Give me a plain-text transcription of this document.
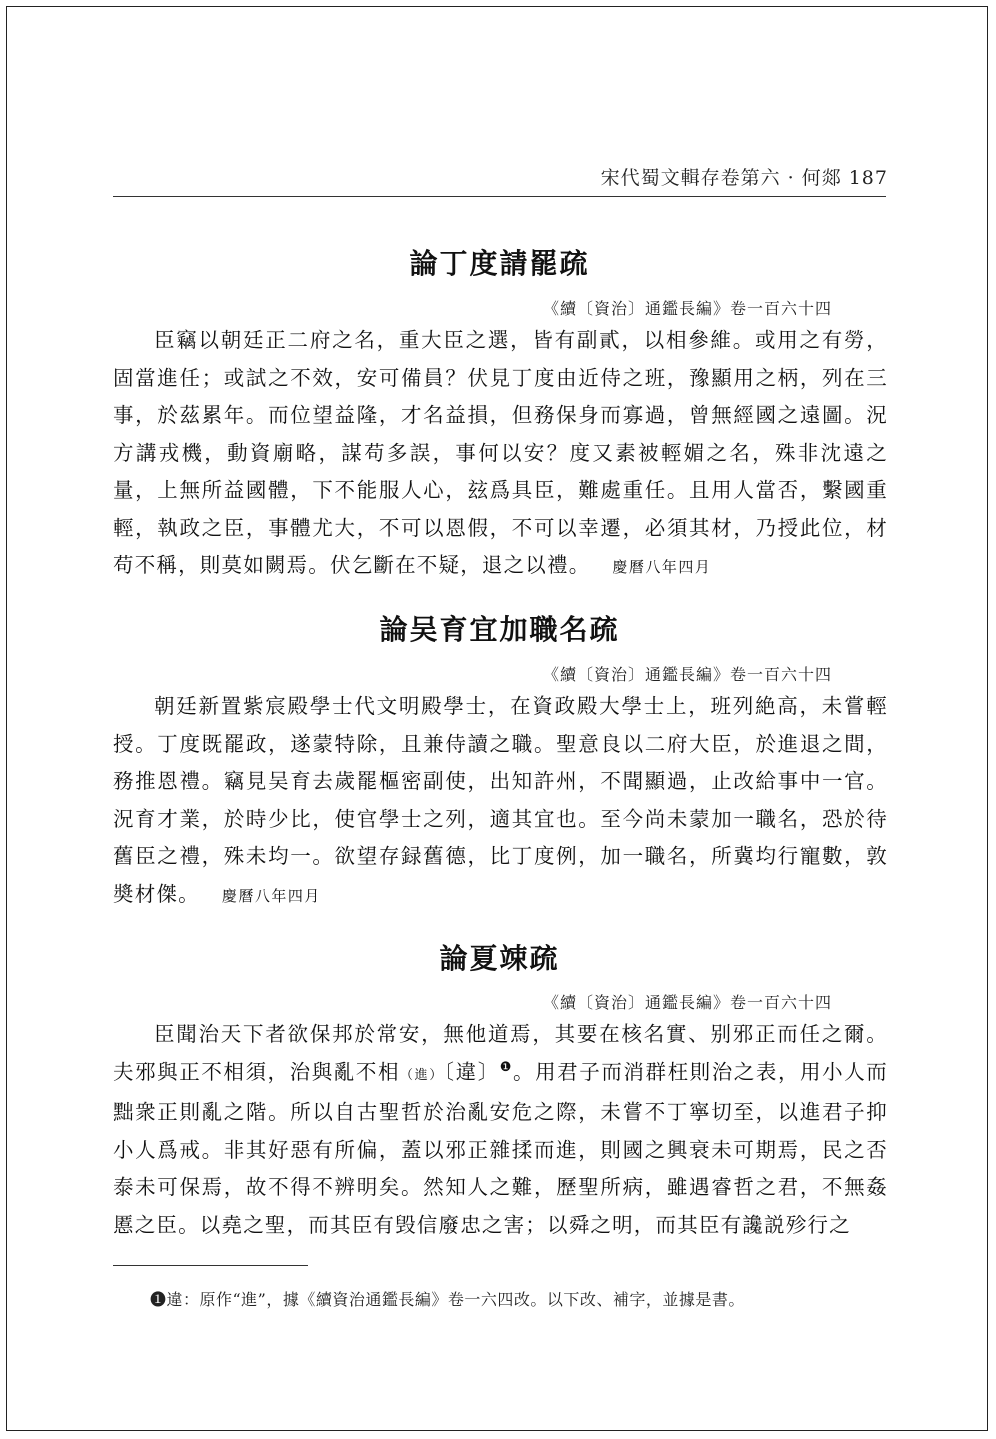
宋代蜀文輯存卷第六 · 何郯 187
論丁度請罷疏
《續〔資治〕通鑑長編》卷一百六十四

臣竊以朝廷正二府之名，重大臣之選，皆有副貳，以相參維。或用之有勞，固當進任；或試之不效，安可備員？伏見丁度由近侍之班，豫顯用之柄，列在三事，於茲累年。而位望益隆，才名益損，但務保身而寡過，曾無經國之遠圖。況方講戎機，動資廟略，謀苟多誤，事何以安？度又素被輕媚之名，殊非沈遠之量，上無所益國體，下不能服人心，玆爲具臣，難處重任。且用人當否，繫國重輕，執政之臣，事體尤大，不可以恩假，不可以幸遷，必須其材，乃授此位，材苟不稱，則莫如闕焉。伏乞斷在不疑，退之以禮。 慶曆八年四月

論吴育宜加職名疏
《續〔資治〕通鑑長編》卷一百六十四

朝廷新置紫宸殿學士代文明殿學士，在資政殿大學士上，班列絶高，未嘗輕授。丁度既罷政，遂蒙特除，且兼侍讀之職。聖意良以二府大臣，於進退之間，務推恩禮。竊見吴育去歲罷樞密副使，出知許州，不聞顯過，止改給事中一官。況育才業，於時少比，使官學士之列，適其宜也。至今尚未蒙加一職名，恐於待舊臣之禮，殊未均一。欲望存録舊德，比丁度例，加一職名，所冀均行寵數，敦奬材傑。 慶曆八年四月

論夏竦疏
《續〔資治〕通鑑長編》卷一百六十四

臣聞治天下者欲保邦於常安，無他道焉，其要在核名實、别邪正而任之爾。夫邪與正不相須，治與亂不相（進）〔違〕$^❶$。用君子而消群枉則治之表，用小人而黜衆正則亂之階。所以自古聖哲於治亂安危之際，未嘗不丁寧切至，以進君子抑小人爲戒。非其好惡有所偏，蓋以邪正雜揉而進，則國之興衰未可期焉，民之否泰未可保焉，故不得不辨明矣。然知人之難，歷聖所病，雖遇睿哲之君，不無姦慝之臣。以堯之聖，而其臣有毁信廢忠之害；以舜之明，而其臣有讒説殄行之

❶違：原作“進”，據《續資治通鑑長編》卷一六四改。以下改、補字，並據是書。
